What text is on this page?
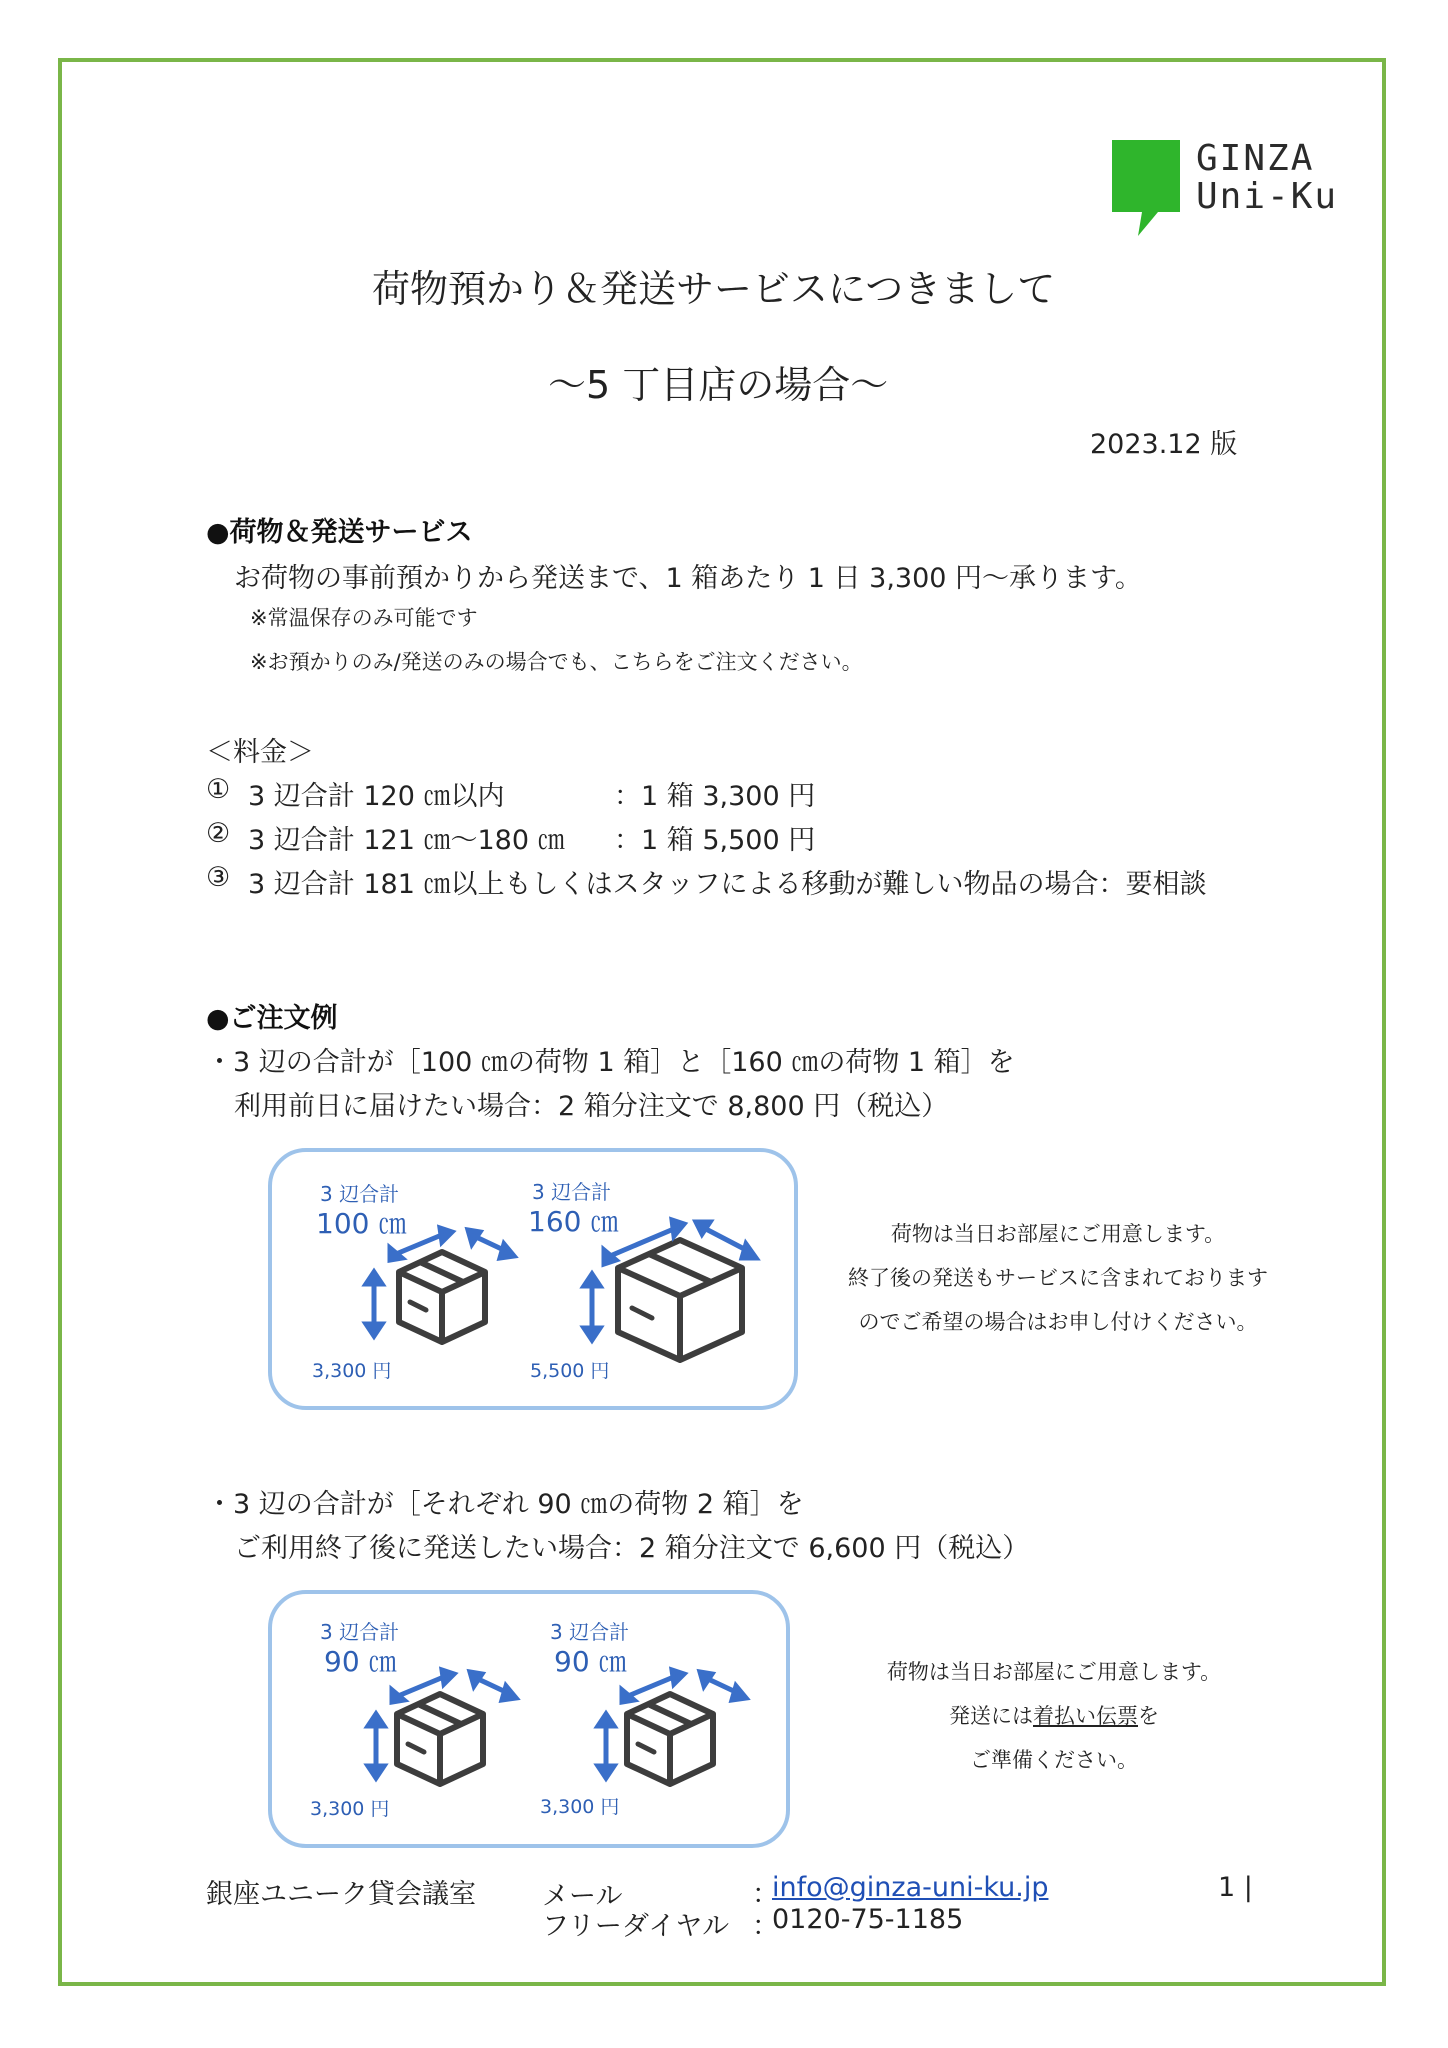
GINZA
Uni-Ku
荷物預かり＆発送サービスにつきまして
〜5 丁目店の場合〜
2023.12 版
●荷物＆発送サービス
お荷物の事前預かりから発送まで、1 箱あたり 1 日 3,300 円〜承ります。
※常温保存のみ可能です
※お預かりのみ/発送のみの場合でも、こちらをご注文ください。
＜料金＞
① 3 辺合計 120 ㎝以内	：1 箱 3,300 円
② 3 辺合計 121 ㎝〜180 ㎝ ：1 箱 5,500 円
③ 3 辺合計 181 ㎝以上もしくはスタッフによる移動が難しい物品の場合：要相談
●ご注文例
・3 辺の合計が［100 ㎝の荷物 1 箱］と［160 ㎝の荷物 1 箱］を
利用前日に届けたい場合：2 箱分注文で 8,800 円（税込）
3 辺合計
100 ㎝
3,300 円
3 辺合計
160 ㎝
5,500 円
荷物は当日お部屋にご用意します。
終了後の発送もサービスに含まれております
のでご希望の場合はお申し付けください。
・3 辺の合計が［それぞれ 90 ㎝の荷物 2 箱］を
ご利用終了後に発送したい場合：2 箱分注文で 6,600 円（税込）
3 辺合計
90 ㎝
3,300 円
3 辺合計
90 ㎝
3,300 円
荷物は当日お部屋にご用意します。
発送には着払い伝票を
ご準備ください。
銀座ユニーク貸会議室 メール	：
info@ginza-uni-ku.jp	1 |
フリーダイヤル ：
0120-75-1185
